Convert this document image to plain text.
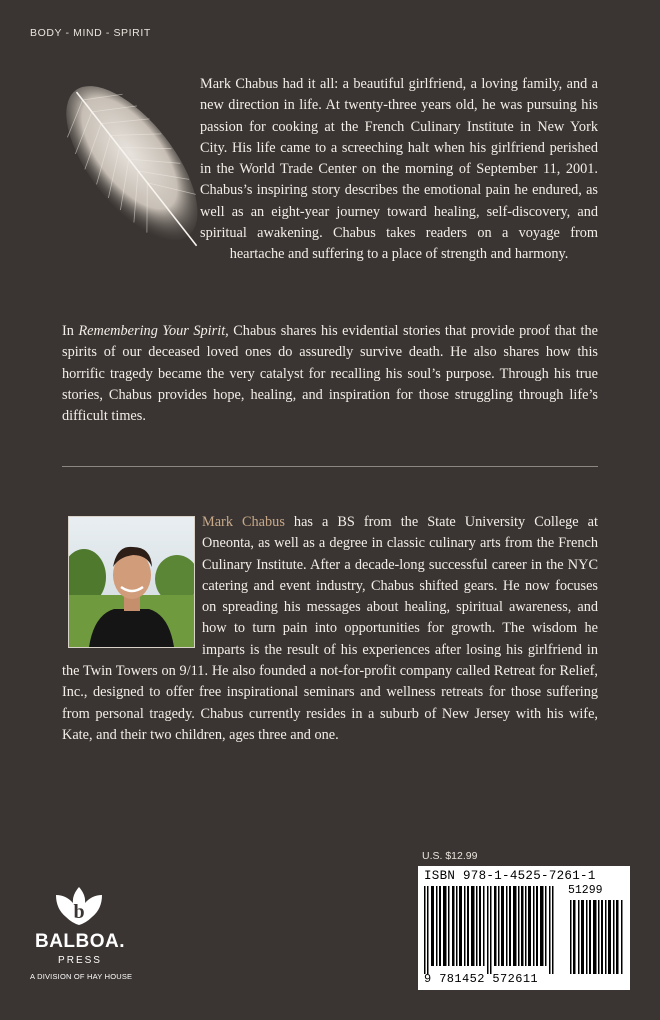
BODY - MIND - SPIRIT
Mark Chabus had it all: a beautiful girlfriend, a loving family, and a new direction in life. At twenty-three years old, he was pursuing his passion for cooking at the French Culinary Institute in New York City. His life came to a screeching halt when his girlfriend perished in the World Trade Center on the morning of September 11, 2001. Chabus’s inspiring story describes the emotional pain he endured, as well as an eight-year journey toward healing, self-discovery, and spiritual awakening. Chabus takes readers on a voyage from heartache and suffering to a place of strength and harmony.
In Remembering Your Spirit, Chabus shares his evidential stories that provide proof that the spirits of our deceased loved ones do assuredly survive death. He also shares how this horrific tragedy became the very catalyst for recalling his soul’s purpose. Through his true stories, Chabus provides hope, healing, and inspiration for those struggling through life’s difficult times.
Mark Chabus has a BS from the State University College at Oneonta, as well as a degree in classic culinary arts from the French Culinary Institute. After a decade-long successful career in the NYC catering and event industry, Chabus shifted gears. He now focuses on spreading his messages about healing, spiritual awareness, and how to turn pain into opportunities for growth. The wisdom he imparts is the result of his experiences after losing his girlfriend in the Twin Towers on 9/11. He also founded a not-for-profit company called Retreat for Relief, Inc., designed to offer free inspirational seminars and wellness retreats for those suffering from personal tragedy. Chabus currently resides in a suburb of New Jersey with his wife, Kate, and their two children, ages three and one.
U.S. $12.99
ISBN 978-1-4525-7261-1
51299
9 781452 572611
b
BALBOA.
PRESS
A DIVISION OF HAY HOUSE
